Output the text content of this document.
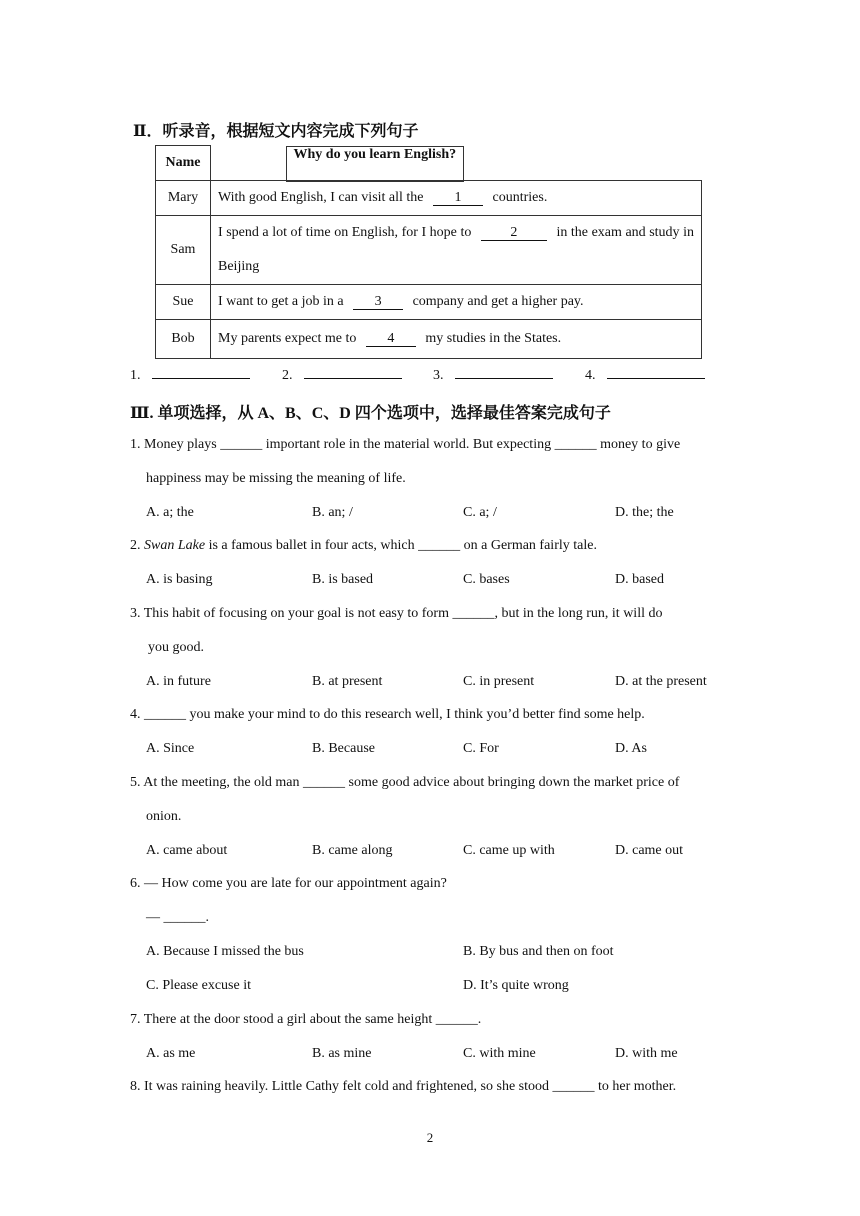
Ⅱ．听录音，根据短文内容完成下列句子
Name	
Why do you learn English?

Mary	With good English, I can visit all the 1 countries.
Sam	I spend a lot of time on English, for I hope to 2 in the exam and study in Beijing
Sue	I want to get a job in a 3 company and get a higher pay.
Bob	My parents expect me to 4 my studies in the States.
1.	2.	3.	4.
Ⅲ. 单项选择，从 A、B、C、D 四个选项中，选择最佳答案完成句子
1. Money plays ______ important role in the material world. But expecting ______ money to give
happiness may be missing the meaning of life.
A. a; the	B. an; /	C. a; /	D. the; the
2. Swan Lake is a famous ballet in four acts, which ______ on a German fairly tale.
A. is basing	B. is based	C. bases	D. based
3. This habit of focusing on your goal is not easy to form ______, but in the long run, it will do
you good.
A. in future	B. at present	C. in present	D. at the present
4. ______ you make your mind to do this research well, I think you’d better find some help.
A. Since	B. Because	C. For	D. As
5. At the meeting, the old man ______ some good advice about bringing down the market price of
onion.
A. came about	B. came along	C. came up with	D. came out
6. — How come you are late for our appointment again?
— ______.
A. Because I missed the bus	B. By bus and then on foot
C. Please excuse it	D. It’s quite wrong
7. There at the door stood a girl about the same height ______.
A. as me	B. as mine	C. with mine	D. with me
8. It was raining heavily. Little Cathy felt cold and frightened, so she stood ______ to her mother.
2
